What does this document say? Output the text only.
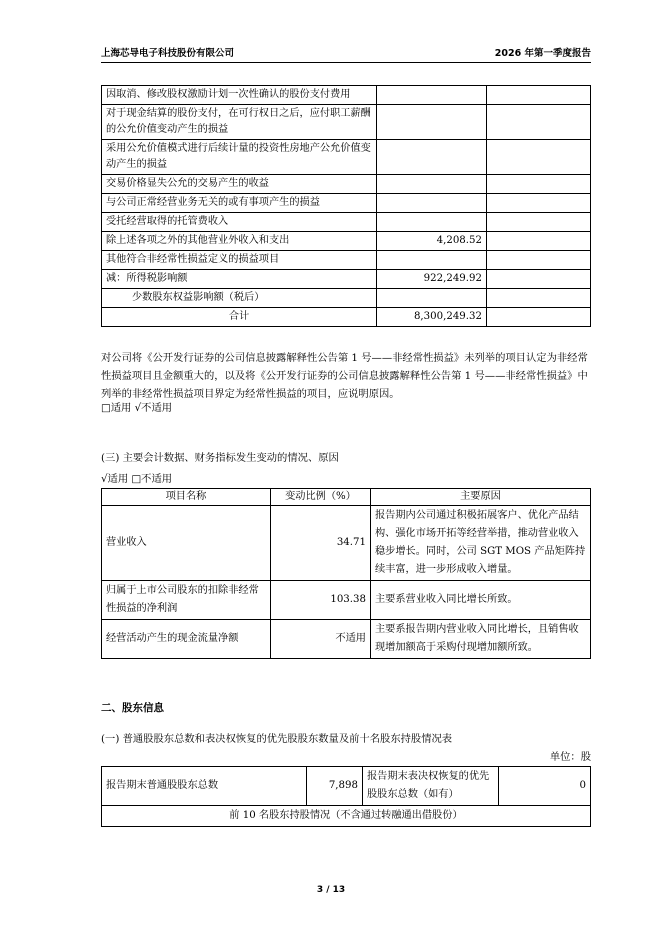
上海芯导电子科技股份有限公司	2026 年第一季度报告
因取消、修改股权激励计划一次性确认的股份支付费用		
对于现金结算的股份支付，在可行权日之后，应付职工薪酬的公允价值变动产生的损益		
采用公允价值模式进行后续计量的投资性房地产公允价值变动产生的损益		
交易价格显失公允的交易产生的收益		
与公司正常经营业务无关的或有事项产生的损益		
受托经营取得的托管费收入		
除上述各项之外的其他营业外收入和支出	4,208.52	
其他符合非经常性损益定义的损益项目		
减：所得税影响额	922,249.92	
少数股东权益影响额（税后）		
合计	8,300,249.32	
对公司将《公开发行证券的公司信息披露解释性公告第 1 号——非经常性损益》未列举的项目认定为非经常性损益项目且金额重大的，以及将《公开发行证券的公司信息披露解释性公告第 1 号——非经常性损益》中列举的非经常性损益项目界定为经常性损益的项目，应说明原因。
□适用 √不适用
(三) 主要会计数据、财务指标发生变动的情况、原因
√适用 □不适用
项目名称	变动比例（%）	主要原因
营业收入	34.71	报告期内公司通过积极拓展客户、优化产品结构、强化市场开拓等经营举措，推动营业收入稳步增长。同时，公司 SGT MOS 产品矩阵持续丰富，进一步形成收入增量。
归属于上市公司股东的扣除非经常性损益的净利润	103.38	主要系营业收入同比增长所致。
经营活动产生的现金流量净额	不适用	主要系报告期内营业收入同比增长，且销售收现增加额高于采购付现增加额所致。
二、股东信息
(一) 普通股股东总数和表决权恢复的优先股股东数量及前十名股东持股情况表
单位：股
报告期末普通股股东总数	7,898	报告期末表决权恢复的优先股股东总数（如有）	0
前 10 名股东持股情况（不含通过转融通出借股份）
3 / 13
